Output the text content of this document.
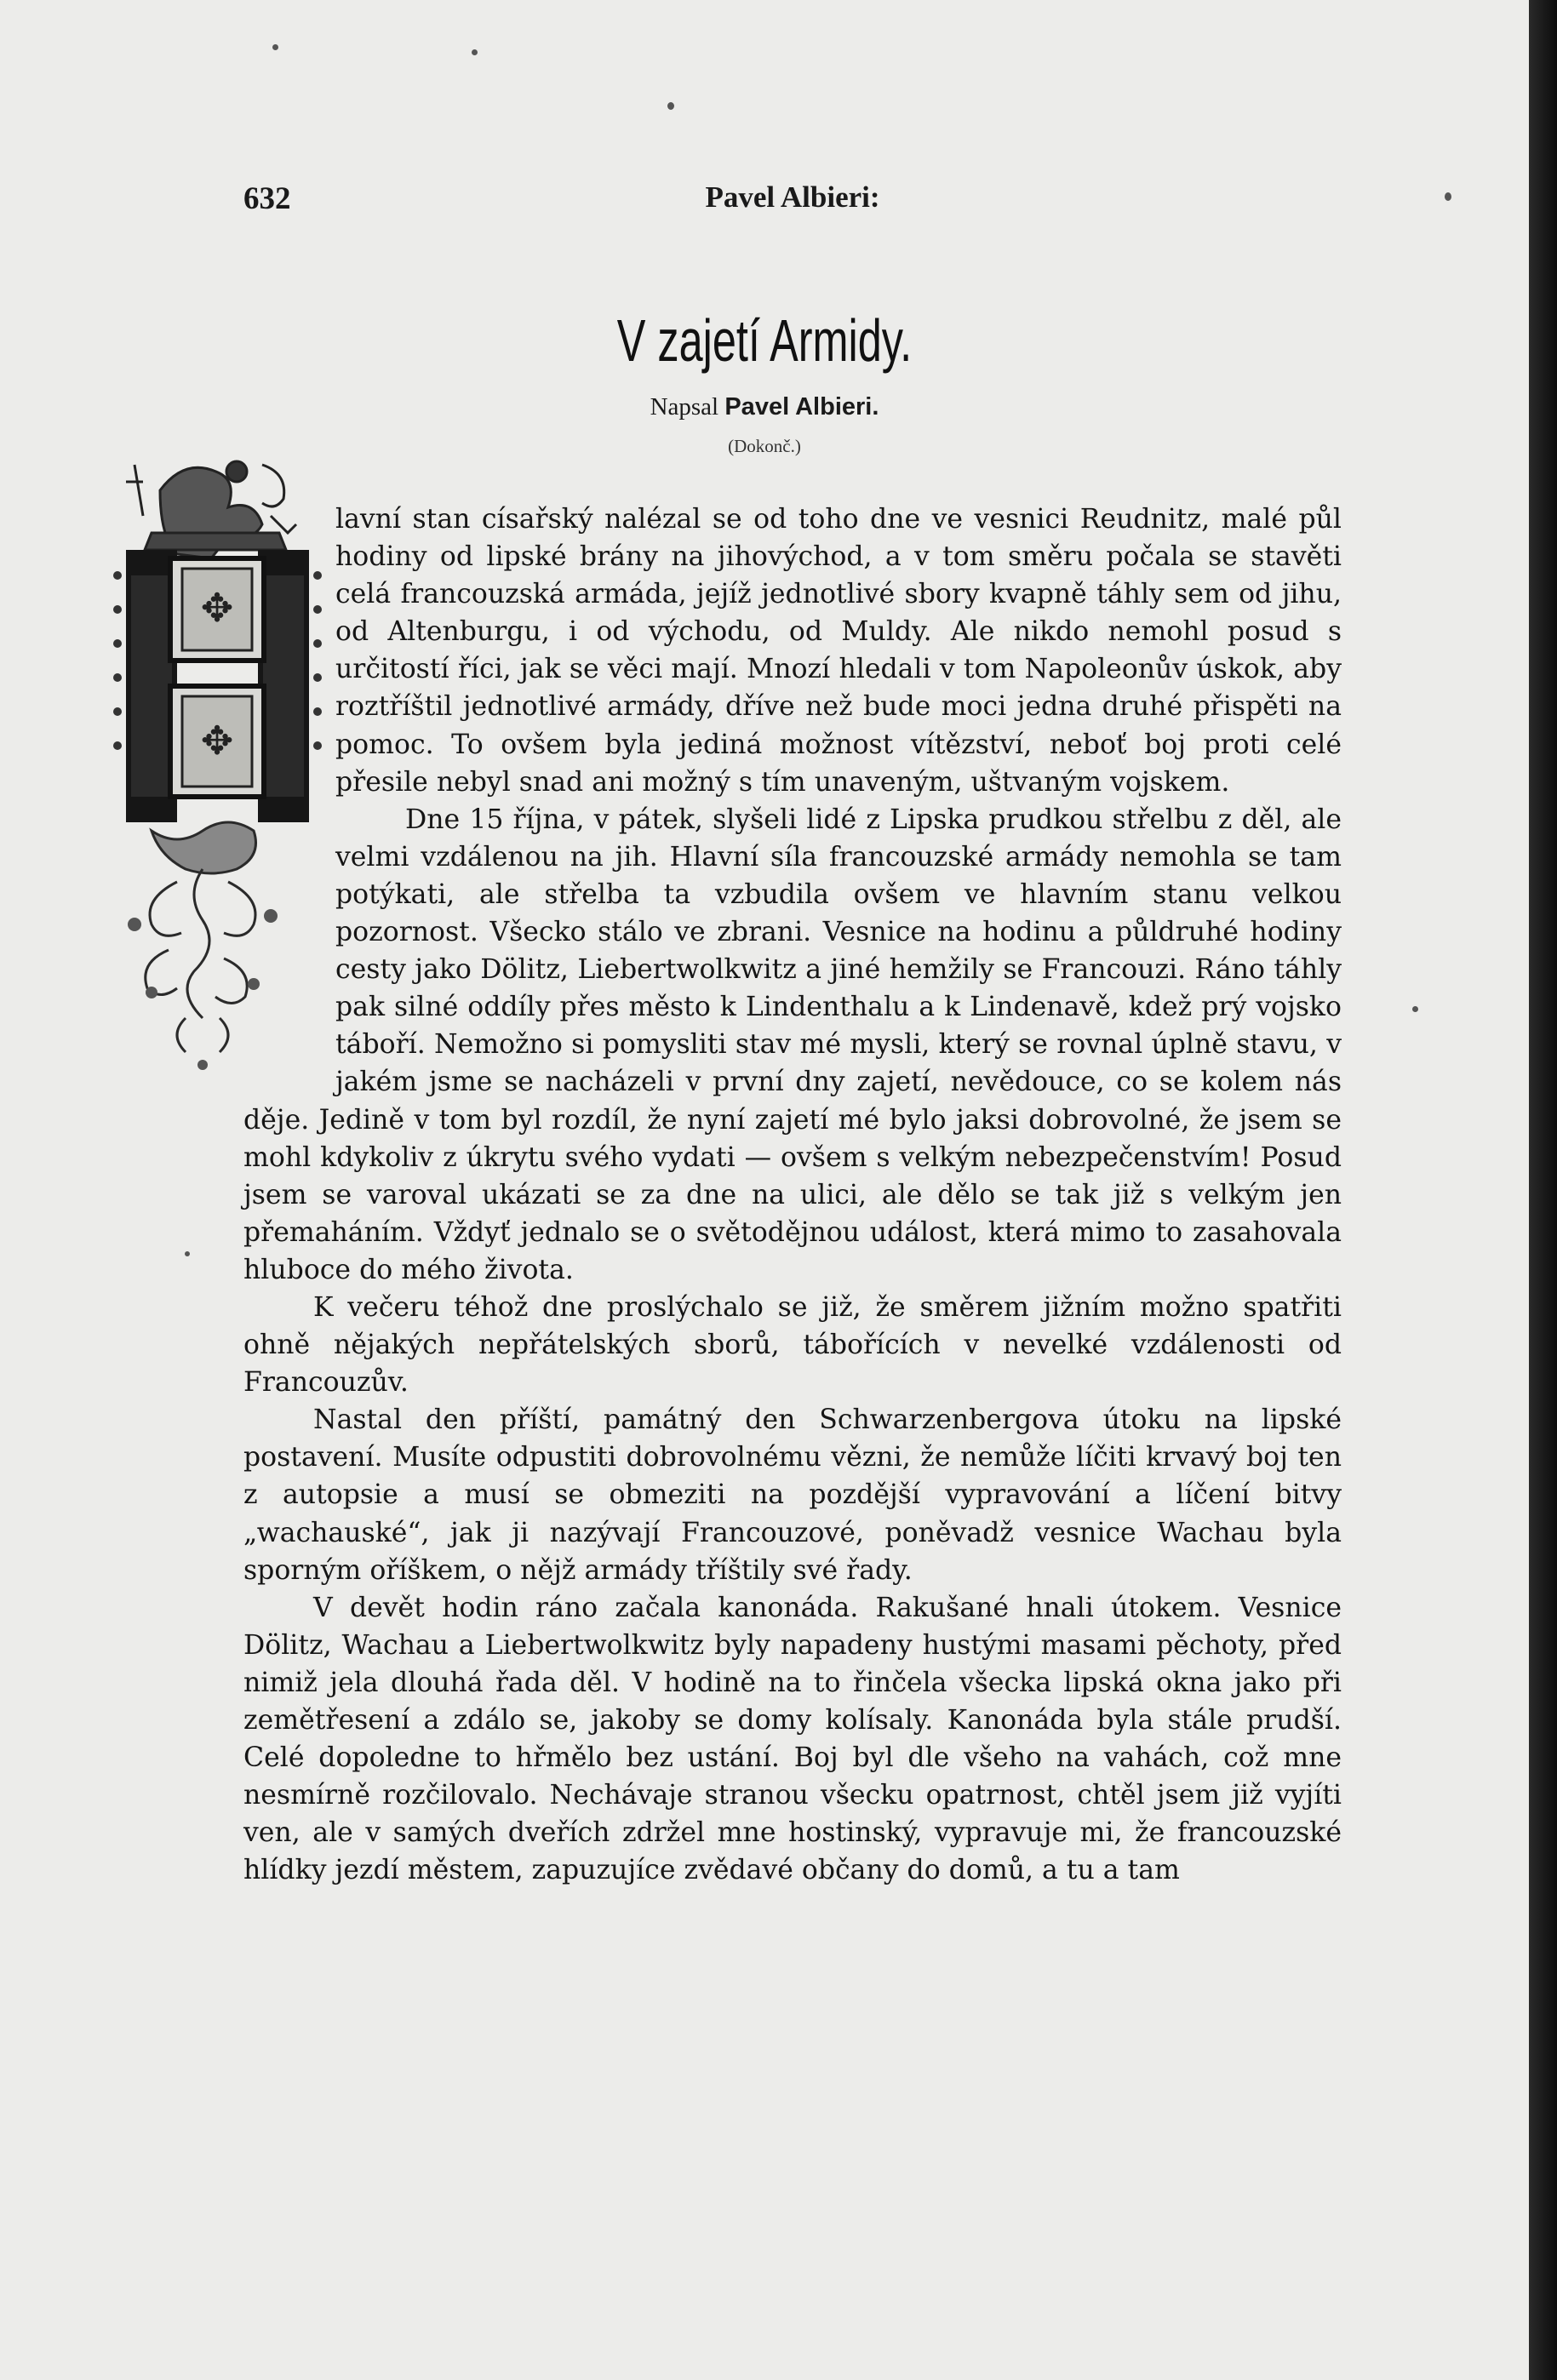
632	Pavel Albieri:
V zajetí Armidy.
Napsal Pavel Albieri.
(Dokonč.)
✥
✥

lavní stan císařský nalézal se od toho dne ve vesnici Reudnitz, malé půl hodiny od lipské brány na jihovýchod, a v tom směru počala se stavěti celá francouzská armáda, jejíž jednotlivé sbory kvapně táhly sem od jihu, od Altenburgu, i od východu, od Muldy. Ale nikdo nemohl posud s určitostí říci, jak se věci mají. Mnozí hledali v tom Napoleonův úskok, aby roztříštil jednotlivé armády, dříve než bude moci jedna druhé přispěti na pomoc. To ovšem byla jediná možnost vítězství, neboť boj proti celé přesile nebyl snad ani možný s tím unaveným, uštvaným vojskem.

Dne 15 října, v pátek, slyšeli lidé z Lipska prudkou střelbu z děl, ale velmi vzdálenou na jih. Hlavní síla francouzské armády nemohla se tam potýkati, ale střelba ta vzbudila ovšem ve hlavním stanu velkou pozornost. Všecko stálo ve zbrani. Vesnice na hodinu a půldruhé hodiny cesty jako Dölitz, Liebertwolkwitz a jiné hemžily se Francouzi. Ráno táhly pak silné oddíly přes město k Lindenthalu a k Lindenavě, kdež prý vojsko táboří. Nemožno si pomysliti stav mé mysli, který se rovnal úplně stavu, v jakém jsme se nacházeli v první dny zajetí, nevědouce, co se kolem nás děje. Jedině v tom byl rozdíl, že nyní zajetí mé bylo jaksi dobrovolné, že jsem se mohl kdykoliv z úkrytu svého vydati — ovšem s velkým nebezpečenstvím! Posud jsem se varoval ukázati se za dne na ulici, ale dělo se tak již s velkým jen přemaháním. Vždyť jednalo se o světodějnou událost, která mimo to zasahovala hluboce do mého života.

K večeru téhož dne proslýchalo se již, že směrem jižním možno spatřiti ohně nějakých nepřátelských sborů, tábořících v nevelké vzdálenosti od Francouzův.

Nastal den příští, památný den Schwarzenbergova útoku na lipské postavení. Musíte odpustiti dobrovolnému vězni, že nemůže líčiti krvavý boj ten z autopsie a musí se obmeziti na pozdější vypravování a líčení bitvy „wachauské“, jak ji nazývají Francouzové, poněvadž vesnice Wachau byla sporným oříškem, o nějž armády tříštily své řady.

V devět hodin ráno začala kanonáda. Rakušané hnali útokem. Vesnice Dölitz, Wachau a Liebertwolkwitz byly napadeny hustými masami pěchoty, před nimiž jela dlouhá řada děl. V hodině na to řinčela všecka lipská okna jako při zemětřesení a zdálo se, jakoby se domy kolísaly. Kanonáda byla stále prudší. Celé dopoledne to hřmělo bez ustání. Boj byl dle všeho na vahách, což mne nesmírně rozčilovalo. Nechávaje stranou všecku opatrnost, chtěl jsem již vyjíti ven, ale v samých dveřích zdržel mne hostinský, vypravuje mi, že francouzské hlídky jezdí městem, zapuzujíce zvědavé občany do domů, a tu a tam
